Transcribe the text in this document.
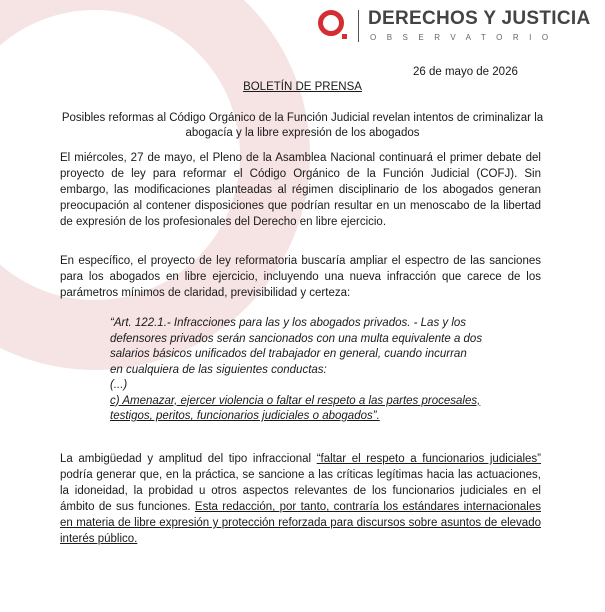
DERECHOS Y JUSTICIA
OBSERVATORIO
26 de mayo de 2026
BOLETÍN DE PRENSA
Posibles reformas al Código Orgánico de la Función Judicial revelan intentos de criminalizar la abogacía y la libre expresión de los abogados
El miércoles, 27 de mayo, el Pleno de la Asamblea Nacional continuará el primer debate del proyecto de ley para reformar el Código Orgánico de la Función Judicial (COFJ). Sin embargo, las modificaciones planteadas al régimen disciplinario de los abogados generan preocupación al contener disposiciones que podrían resultar en un menoscabo de la libertad de expresión de los profesionales del Derecho en libre ejercicio.
En específico, el proyecto de ley reformatoria buscaría ampliar el espectro de las sanciones para los abogados en libre ejercicio, incluyendo una nueva infracción que carece de los parámetros mínimos de claridad, previsibilidad y certeza:
“Art. 122.1.- Infracciones para las y los abogados privados. - Las y los
defensores privados serán sancionados con una multa equivalente a dos
salarios básicos unificados del trabajador en general, cuando incurran
en cualquiera de las siguientes conductas:
(...)
c) Amenazar, ejercer violencia o faltar el respeto a las partes procesales,
testigos, peritos, funcionarios judiciales o abogados”.
La ambigüedad y amplitud del tipo infraccional “faltar el respeto a funcionarios judiciales” podría generar que, en la práctica, se sancione a las críticas legítimas hacia las actuaciones, la idoneidad, la probidad u otros aspectos relevantes de los funcionarios judiciales en el ámbito de sus funciones. Esta redacción, por tanto, contraría los estándares internacionales en materia de libre expresión y protección reforzada para discursos sobre asuntos de elevado interés público.
